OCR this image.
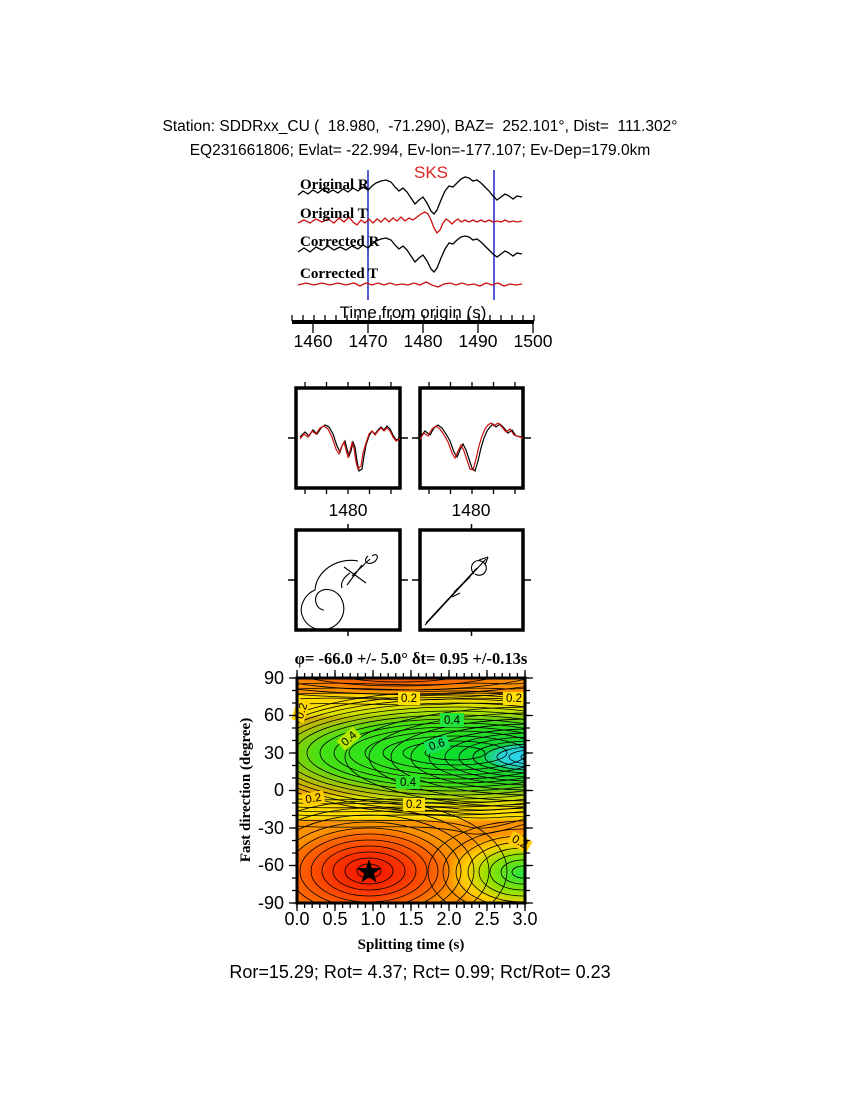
Station: SDDRxx_CU (  18.980,  -71.290), BAZ=  252.101°, Dist=  111.302°
EQ231661806; Evlat= -22.994, Ev-lon=-177.107; Ev-Dep=179.0km
Original R
Original T
Corrected R
Corrected T
SKS
Time from origin (s)
1460 1470 1480 1490 1500
1480	1480
φ= -66.0 +/- 5.0° δt= 0.95 +/-0.13s
0.2
0.2	0.2
0.4
0.4	0.6
0.4
0.2
0.2
0.2
90
60
30
0
-30
-60
-90
0.0 0.5 1.0 1.5 2.0 2.5 3.0
Fast direction (degree)
Splitting time (s)
Ror=15.29; Rot= 4.37; Rct= 0.99; Rct/Rot= 0.23
